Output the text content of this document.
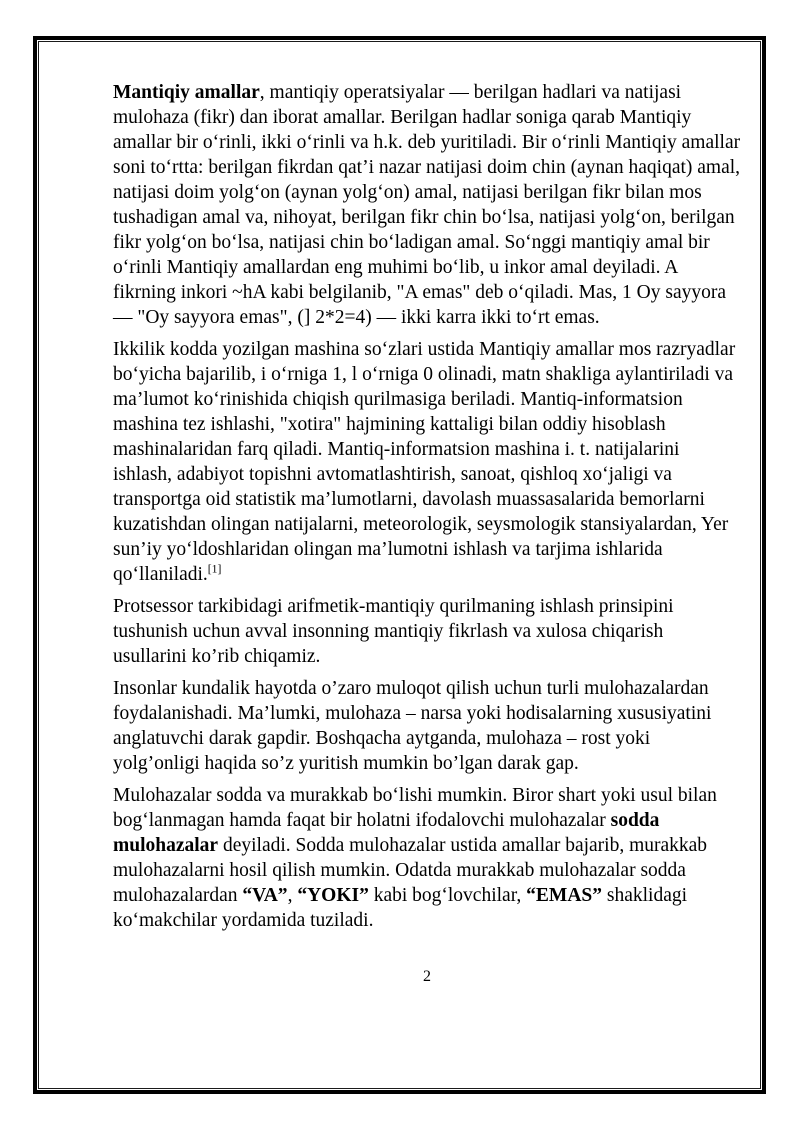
Mantiqiy amallar, mantiqiy operatsiyalar — berilgan hadlari va natijasi mulohaza (fikr) dan iborat amallar. Berilgan hadlar soniga qarab Mantiqiy amallar bir o‘rinli, ikki o‘rinli va h.k. deb yuritiladi. Bir o‘rinli Mantiqiy amallar soni to‘rtta: berilgan fikrdan qat’i nazar natijasi doim chin (aynan haqiqat) amal, natijasi doim yolg‘on (aynan yolg‘on) amal, natijasi berilgan fikr bilan mos tushadigan amal va, nihoyat, berilgan fikr chin bo‘lsa, natijasi yolg‘on, berilgan fikr yolg‘on bo‘lsa, natijasi chin bo‘ladigan amal. So‘nggi mantiqiy amal bir o‘rinli Mantiqiy amallardan eng muhimi bo‘lib, u inkor amal deyiladi. A fikrning inkori ~hA kabi belgilanib, "A emas" deb o‘qiladi. Mas, 1 Oy sayyora — "Oy sayyora emas", (] 2*2=4) — ikki karra ikki to‘rt emas.

Ikkilik kodda yozilgan mashina so‘zlari ustida Mantiqiy amallar mos razryadlar bo‘yicha bajarilib, i o‘rniga 1, l o‘rniga 0 olinadi, matn shakliga aylantiriladi va ma’lumot ko‘rinishida chiqish qurilmasiga beriladi. Mantiq-informatsion mashina tez ishlashi, "xotira" hajmining kattaligi bilan oddiy hisoblash mashinalaridan farq qiladi. Mantiq-informatsion mashina i. t. natijalarini ishlash, adabiyot topishni avtomatlashtirish, sanoat, qishloq xo‘jaligi va transportga oid statistik ma’lumotlarni, davolash muassasalarida bemorlarni kuzatishdan olingan natijalarni, meteorologik, seysmologik stansiyalardan, Yer sun’iy yo‘ldoshlaridan olingan ma’lumotni ishlash va tarjima ishlarida qo‘llaniladi.[1]

Protsessor tarkibidagi arifmetik-mantiqiy qurilmaning ishlash prinsipini tushunish uchun avval insonning mantiqiy fikrlash va xulosa chiqarish usullarini ko’rib chiqamiz.

Insonlar kundalik hayotda o’zaro muloqot qilish uchun turli mulohazalardan foydalanishadi. Ma’lumki, mulohaza – narsa yoki hodisalarning xususiyatini anglatuvchi darak gapdir. Boshqacha aytganda, mulohaza – rost yoki yolg’onligi haqida so’z yuritish mumkin bo’lgan darak gap.

Mulohazalar sodda va murakkab bo‘lishi mumkin. Biror shart yoki usul bilan bog‘lanmagan hamda faqat bir holatni ifodalovchi mulohazalar sodda mulohazalar deyiladi. Sodda mulohazalar ustida amallar bajarib, murakkab mulohazalarni hosil qilish mumkin. Odatda murakkab mulohazalar sodda mulohazalardan “VA”, “YOKI” kabi bog‘lovchilar, “EMAS” shaklidagi ko‘makchilar yordamida tuziladi.

2
